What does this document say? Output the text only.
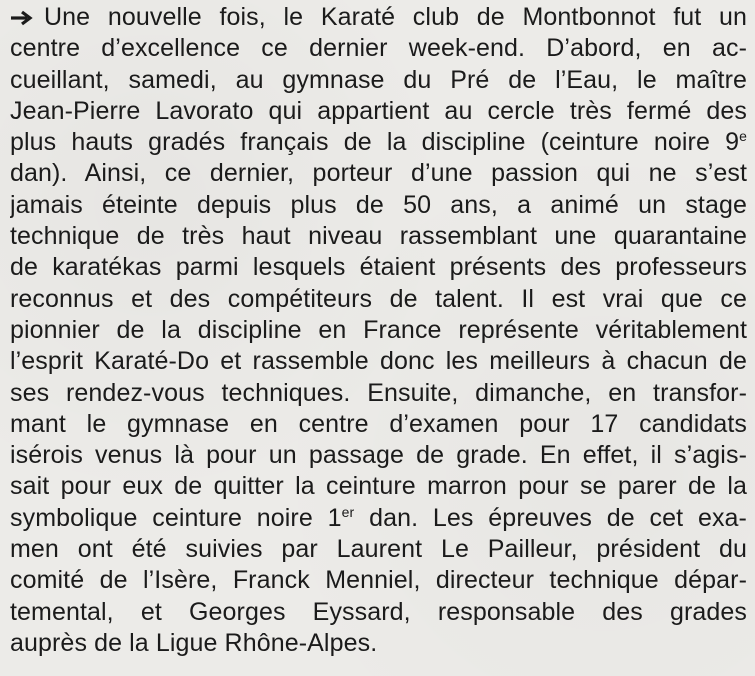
Une nouvelle fois, le Karaté club de Montbonnot fut un
centre d’excellence ce dernier week-end. D’abord, en ac-
cueillant, samedi, au gymnase du Pré de l’Eau, le maître
Jean-Pierre Lavorato qui appartient au cercle très fermé des
plus hauts gradés français de la discipline (ceinture noire 9e
dan). Ainsi, ce dernier, porteur d’une passion qui ne s’est
jamais éteinte depuis plus de 50 ans, a animé un stage
technique de très haut niveau rassemblant une quarantaine
de karatékas parmi lesquels étaient présents des professeurs
reconnus et des compétiteurs de talent. Il est vrai que ce
pionnier de la discipline en France représente véritablement
l’esprit Karaté-Do et rassemble donc les meilleurs à chacun de
ses rendez-vous techniques. Ensuite, dimanche, en transfor-
mant le gymnase en centre d’examen pour 17 candidats
isérois venus là pour un passage de grade. En effet, il s’agis-
sait pour eux de quitter la ceinture marron pour se parer de la
symbolique ceinture noire 1er dan. Les épreuves de cet exa-
men ont été suivies par Laurent Le Pailleur, président du
comité de l’Isère, Franck Menniel, directeur technique dépar-
temental, et Georges Eyssard, responsable des grades
auprès de la Ligue Rhône-Alpes.
